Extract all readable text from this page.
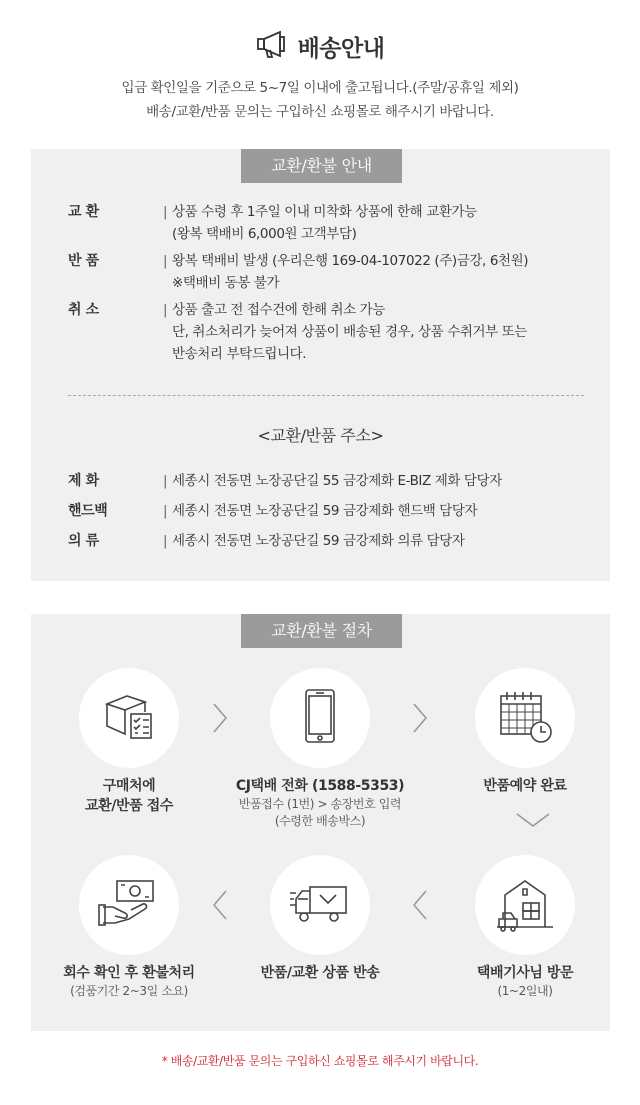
배송안내
입금 확인일을 기준으로 5~7일 이내에 출고됩니다.(주말/공휴일 제외)
배송/교환/반품 문의는 구입하신 쇼핑몰로 해주시기 바랍니다.
교환/환불 안내
교 환	| 상품 수령 후 1주일 이내 미착화 상품에 한해 교환가능
(왕복 택배비 6,000원 고객부담)
반 품	| 왕복 택배비 발생 (우리은행 169-04-107022 (주)금강, 6천원)
※택배비 동봉 불가
취 소	| 상품 출고 전 접수건에 한해 취소 가능
단, 취소처리가 늦어져 상품이 배송된 경우, 상품 수취거부 또는
반송처리 부탁드립니다.
<교환/반품 주소>
제 화	| 세종시 전동면 노장공단길 55 금강제화 E-BIZ 제화 담당자
핸드백	| 세종시 전동면 노장공단길 59 금강제화 핸드백 담당자
의 류	| 세종시 전동면 노장공단길 59 금강제화 의류 담당자
교환/환불 절차
구매처에
교환/반품 접수
CJ택배 전화 (1588-5353)
반품접수 (1번) > 송장번호 입력
(수령한 배송박스)
반품예약 완료
택배기사님 방문
(1~2일내)
반품/교환 상품 반송
회수 확인 후 환불처리
(검품기간 2~3일 소요)
* 배송/교환/반품 문의는 구입하신 쇼핑몰로 해주시기 바랍니다.
